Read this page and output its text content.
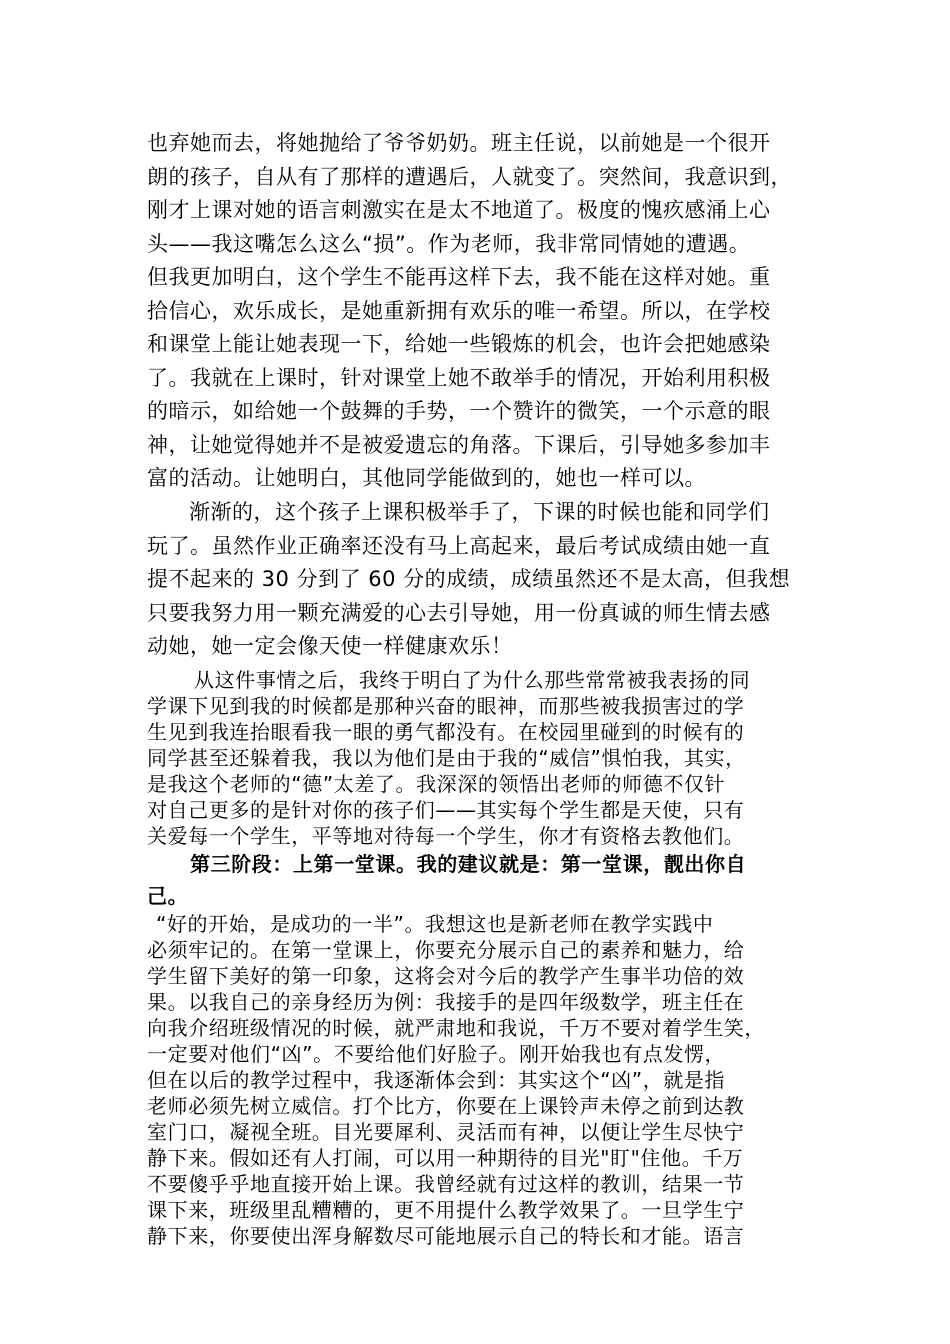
也弃她而去，将她抛给了爷爷奶奶。班主任说，以前她是一个很开
朗的孩子，自从有了那样的遭遇后，人就变了。突然间，我意识到，
刚才上课对她的语言刺激实在是太不地道了。极度的愧疚感涌上心
头——我这嘴怎么这么“损”。作为老师，我非常同情她的遭遇。
但我更加明白，这个学生不能再这样下去，我不能在这样对她。重
拾信心，欢乐成长，是她重新拥有欢乐的唯一希望。所以，在学校
和课堂上能让她表现一下，给她一些锻炼的机会，也许会把她感染
了。我就在上课时，针对课堂上她不敢举手的情况，开始利用积极
的暗示，如给她一个鼓舞的手势，一个赞许的微笑，一个示意的眼
神，让她觉得她并不是被爱遗忘的角落。下课后，引导她多参加丰
富的活动。让她明白，其他同学能做到的，她也一样可以。
渐渐的，这个孩子上课积极举手了，下课的时候也能和同学们
玩了。虽然作业正确率还没有马上高起来，最后考试成绩由她一直
提不起来的 30 分到了 60 分的成绩，成绩虽然还不是太高，但我想
只要我努力用一颗充满爱的心去引导她，用一份真诚的师生情去感
动她，她一定会像天使一样健康欢乐！
从这件事情之后，我终于明白了为什么那些常常被我表扬的同
学课下见到我的时候都是那种兴奋的眼神，而那些被我损害过的学
生见到我连抬眼看我一眼的勇气都没有。在校园里碰到的时候有的
同学甚至还躲着我，我以为他们是由于我的“威信”惧怕我，其实，
是我这个老师的“德”太差了。我深深的领悟出老师的师德不仅针
对自己更多的是针对你的孩子们——其实每个学生都是天使，只有
关爱每一个学生，平等地对待每一个学生，你才有资格去教他们。
第三阶段：上第一堂课。我的建议就是：第一堂课，靓出你自
己。
“好的开始，是成功的一半”。我想这也是新老师在教学实践中
必须牢记的。在第一堂课上，你要充分展示自己的素养和魅力，给
学生留下美好的第一印象，这将会对今后的教学产生事半功倍的效
果。以我自己的亲身经历为例：我接手的是四年级数学，班主任在
向我介绍班级情况的时候，就严肃地和我说，千万不要对着学生笑，
一定要对他们“凶”。不要给他们好脸子。刚开始我也有点发愣，
但在以后的教学过程中，我逐渐体会到：其实这个“凶”，就是指
老师必须先树立威信。打个比方，你要在上课铃声未停之前到达教
室门口，凝视全班。目光要犀利、灵活而有神，以便让学生尽快宁
静下来。假如还有人打闹，可以用一种期待的目光"盯"住他。千万
不要傻乎乎地直接开始上课。我曾经就有过这样的教训，结果一节
课下来，班级里乱糟糟的，更不用提什么教学效果了。一旦学生宁
静下来，你要使出浑身解数尽可能地展示自己的特长和才能。语言
